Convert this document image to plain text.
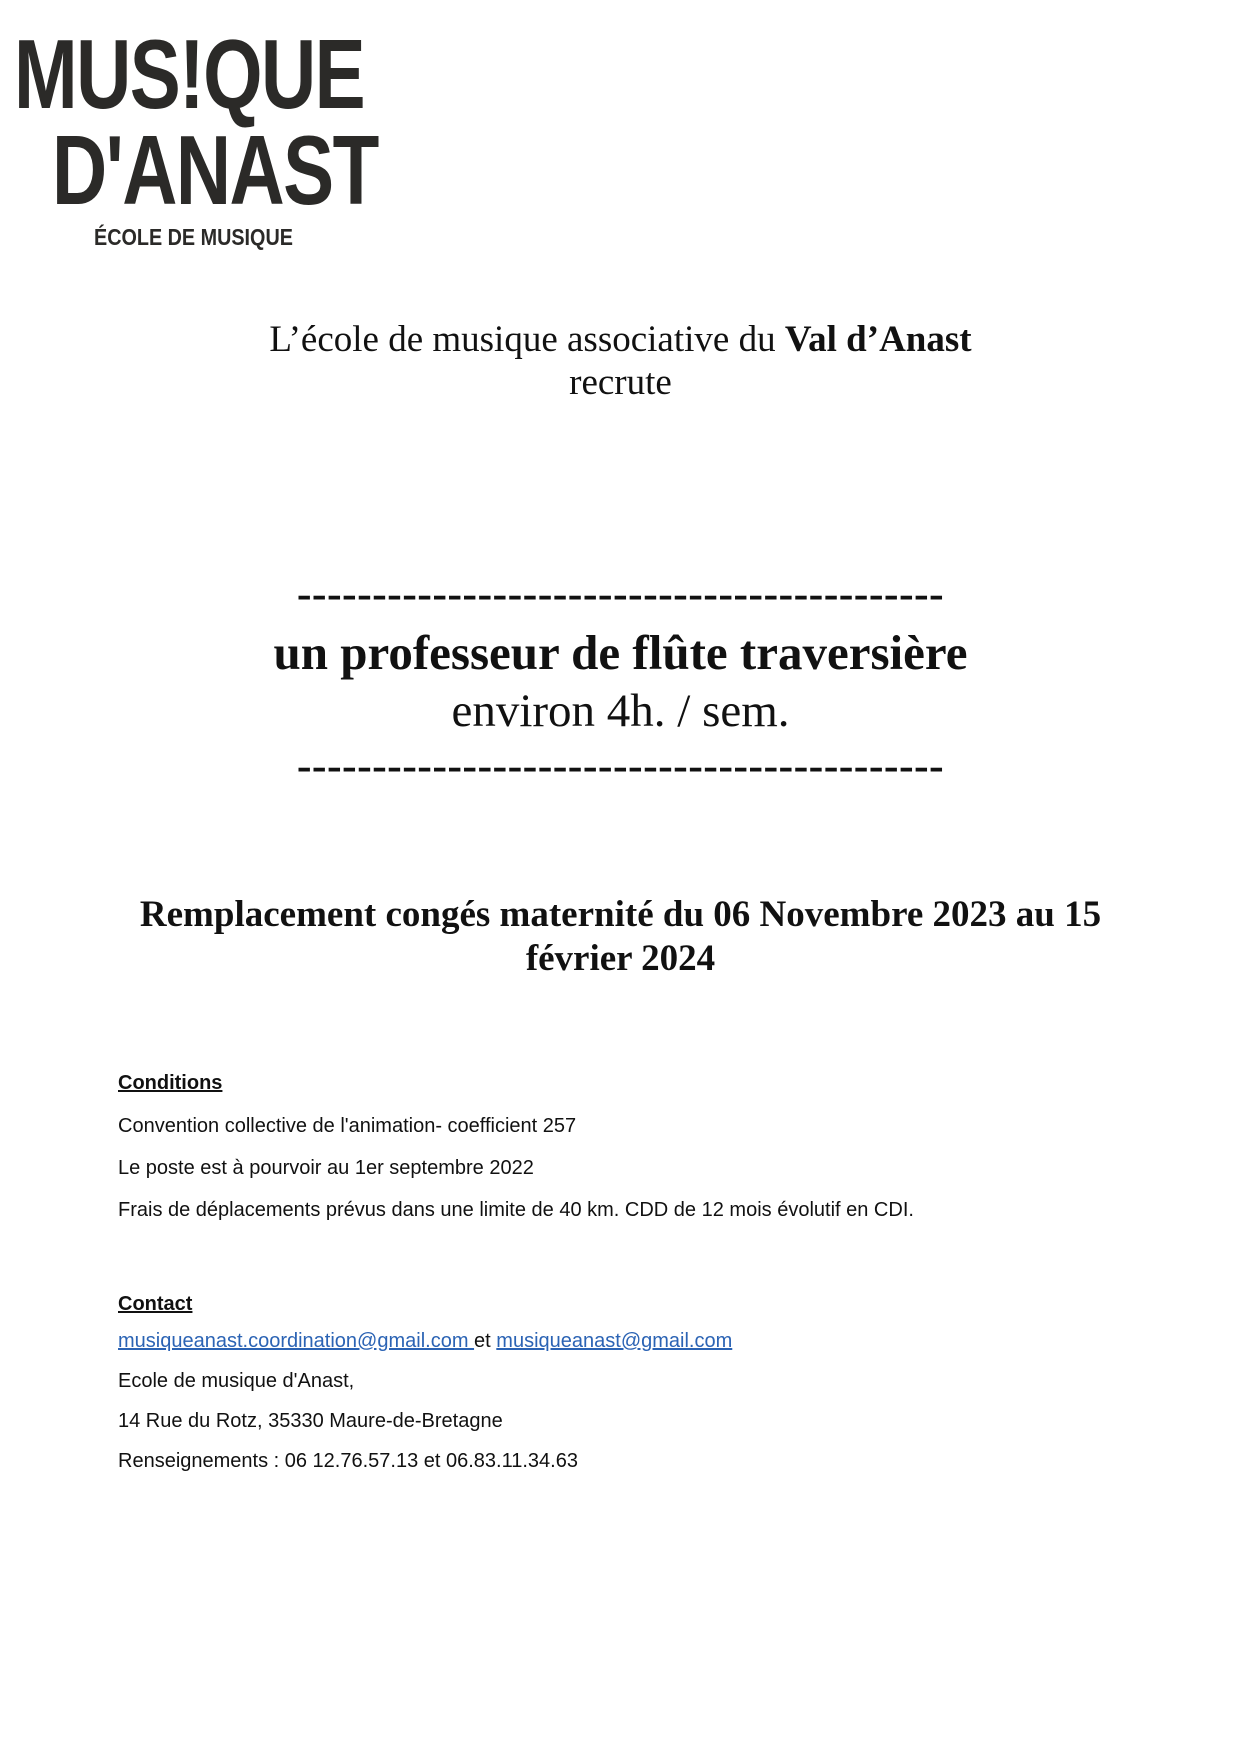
MUS!QUE
D'ANAST
ÉCOLE DE MUSIQUE
L’école de musique associative du Val d’Anast
recrute
-------------------------------------------
un professeur de flûte traversière
environ 4h. / sem.
-------------------------------------------
Remplacement congés maternité du 06 Novembre 2023 au 15 février 2024
Conditions
Convention collective de l'animation- coefficient 257
Le poste est à pourvoir au 1er septembre 2022
Frais de déplacements prévus dans une limite de 40 km. CDD de 12 mois évolutif en CDI.
Contact
musiqueanast.coordination@gmail.com et musiqueanast@gmail.com
Ecole de musique d'Anast,
14 Rue du Rotz, 35330 Maure-de-Bretagne
Renseignements : 06 12.76.57.13 et 06.83.11.34.63
